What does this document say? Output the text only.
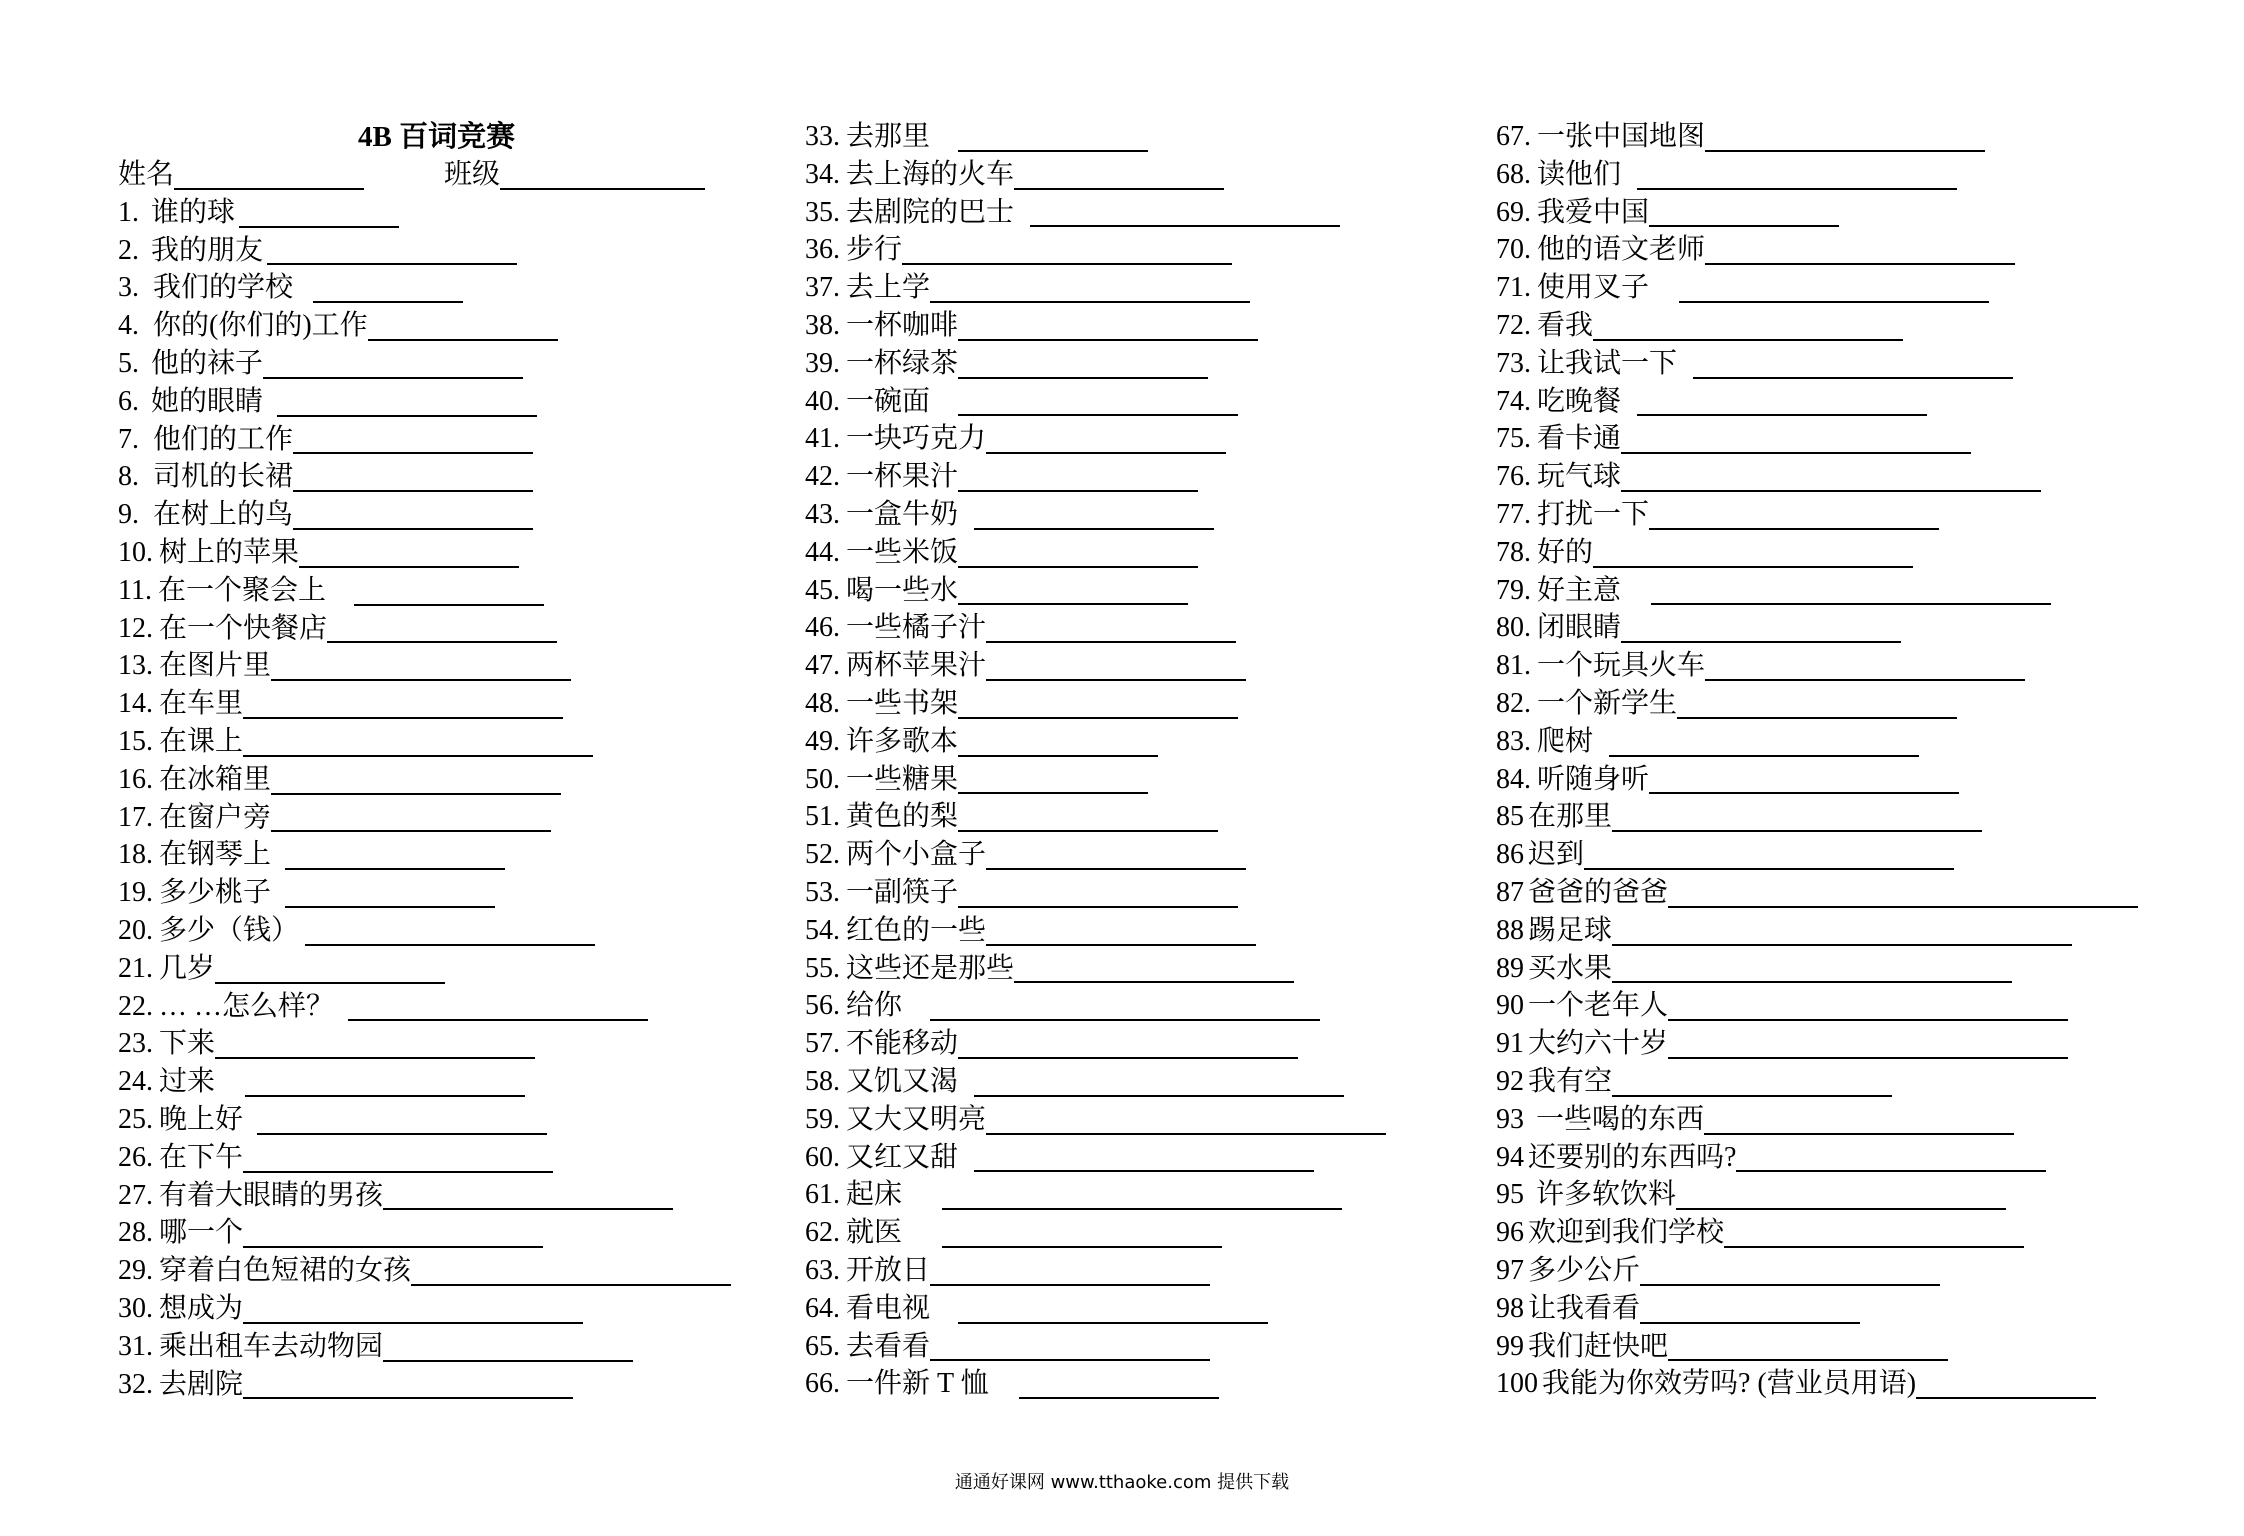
4B 百词竞赛
姓名	班级
1. 谁的球
2. 我的朋友
3. 我们的学校
4. 你的(你们的)工作
5. 他的袜子
6. 她的眼睛
7. 他们的工作
8. 司机的长裙
9. 在树上的鸟
10. 树上的苹果
11. 在一个聚会上
12. 在一个快餐店
13. 在图片里
14. 在车里
15. 在课上
16. 在冰箱里
17. 在窗户旁
18. 在钢琴上
19. 多少桃子
20. 多少（钱）
21. 几岁
22. … …怎么样？
23. 下来
24. 过来
25. 晚上好
26. 在下午
27. 有着大眼睛的男孩
28. 哪一个
29. 穿着白色短裙的女孩
30. 想成为
31. 乘出租车去动物园
32. 去剧院
33. 去那里
34. 去上海的火车
35. 去剧院的巴士
36. 步行
37. 去上学
38. 一杯咖啡
39. 一杯绿茶
40. 一碗面
41. 一块巧克力
42. 一杯果汁
43. 一盒牛奶
44. 一些米饭
45. 喝一些水
46. 一些橘子汁
47. 两杯苹果汁
48. 一些书架
49. 许多歌本
50. 一些糖果
51. 黄色的梨
52. 两个小盒子
53. 一副筷子
54. 红色的一些
55. 这些还是那些
56. 给你
57. 不能移动
58. 又饥又渴
59. 又大又明亮
60. 又红又甜
61. 起床
62. 就医
63. 开放日
64. 看电视
65. 去看看
66. 一件新 T 恤
67. 一张中国地图
68. 读他们
69. 我爱中国
70. 他的语文老师
71. 使用叉子
72. 看我
73. 让我试一下
74. 吃晚餐
75. 看卡通
76. 玩气球
77. 打扰一下
78. 好的
79. 好主意
80. 闭眼睛
81. 一个玩具火车
82. 一个新学生
83. 爬树
84. 听随身听
85 在那里
86 迟到
87 爸爸的爸爸
88 踢足球
89 买水果
90 一个老年人
91 大约六十岁
92 我有空
93 一些喝的东西
94 还要别的东西吗?
95 许多软饮料
96 欢迎到我们学校
97 多少公斤
98 让我看看
99 我们赶快吧
100 我能为你效劳吗? (营业员用语)
通通好课网 www.tthaoke.com 提供下载
